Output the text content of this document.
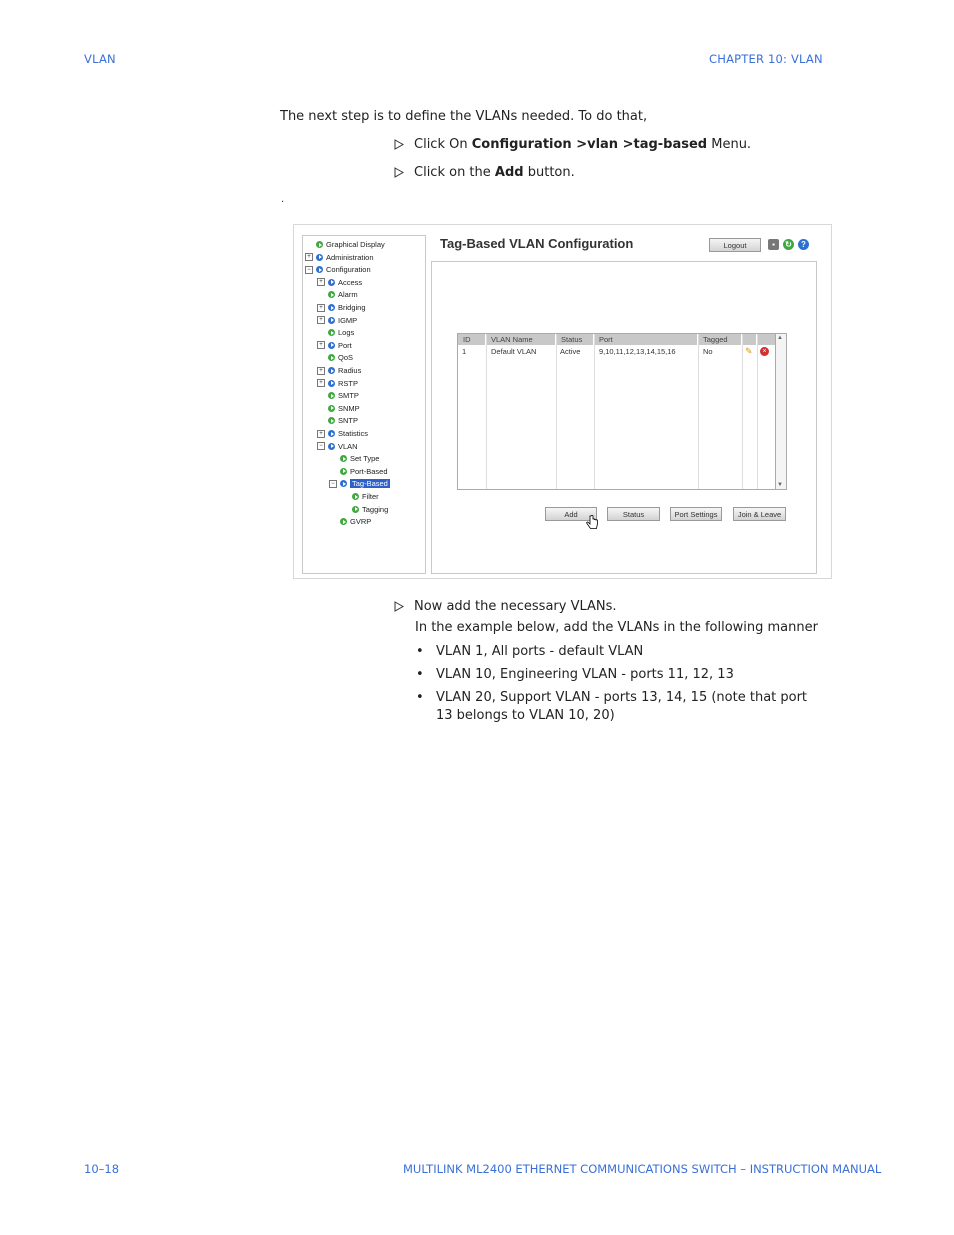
VLAN	CHAPTER 10: VLAN
The next step is to define the VLANs needed. To do that,
Click On Configuration >vlan >tag-based Menu.
Click on the Add button.
.
Graphical Display
+	Administration
−	Configuration
+	Access
Alarm
+	Bridging
+	IGMP
Logs
+	Port
QoS
+	Radius
+	RSTP
SMTP
SNMP
SNTP
+	Statistics
−	VLAN
Set Type
Port-Based
−	Tag-Based
Filter
Tagging
GVRP
Tag-Based VLAN Configuration	Logout	▪	↻	?
ID	VLAN Name	Status	Port	Tagged
1	Default VLAN	Active 9,10,11,12,13,14,15,16	No	✎	×
▲
▼
Add	Status	Port Settings	Join & Leave
Now add the necessary VLANs.
In the example below, add the VLANs in the following manner
• VLAN 1, All ports - default VLAN
• VLAN 10, Engineering VLAN - ports 11, 12, 13
• VLAN 20, Support VLAN - ports 13, 14, 15 (note that port 13 belongs to VLAN 10, 20)
10–18	MULTILINK ML2400 ETHERNET COMMUNICATIONS SWITCH – INSTRUCTION MANUAL
